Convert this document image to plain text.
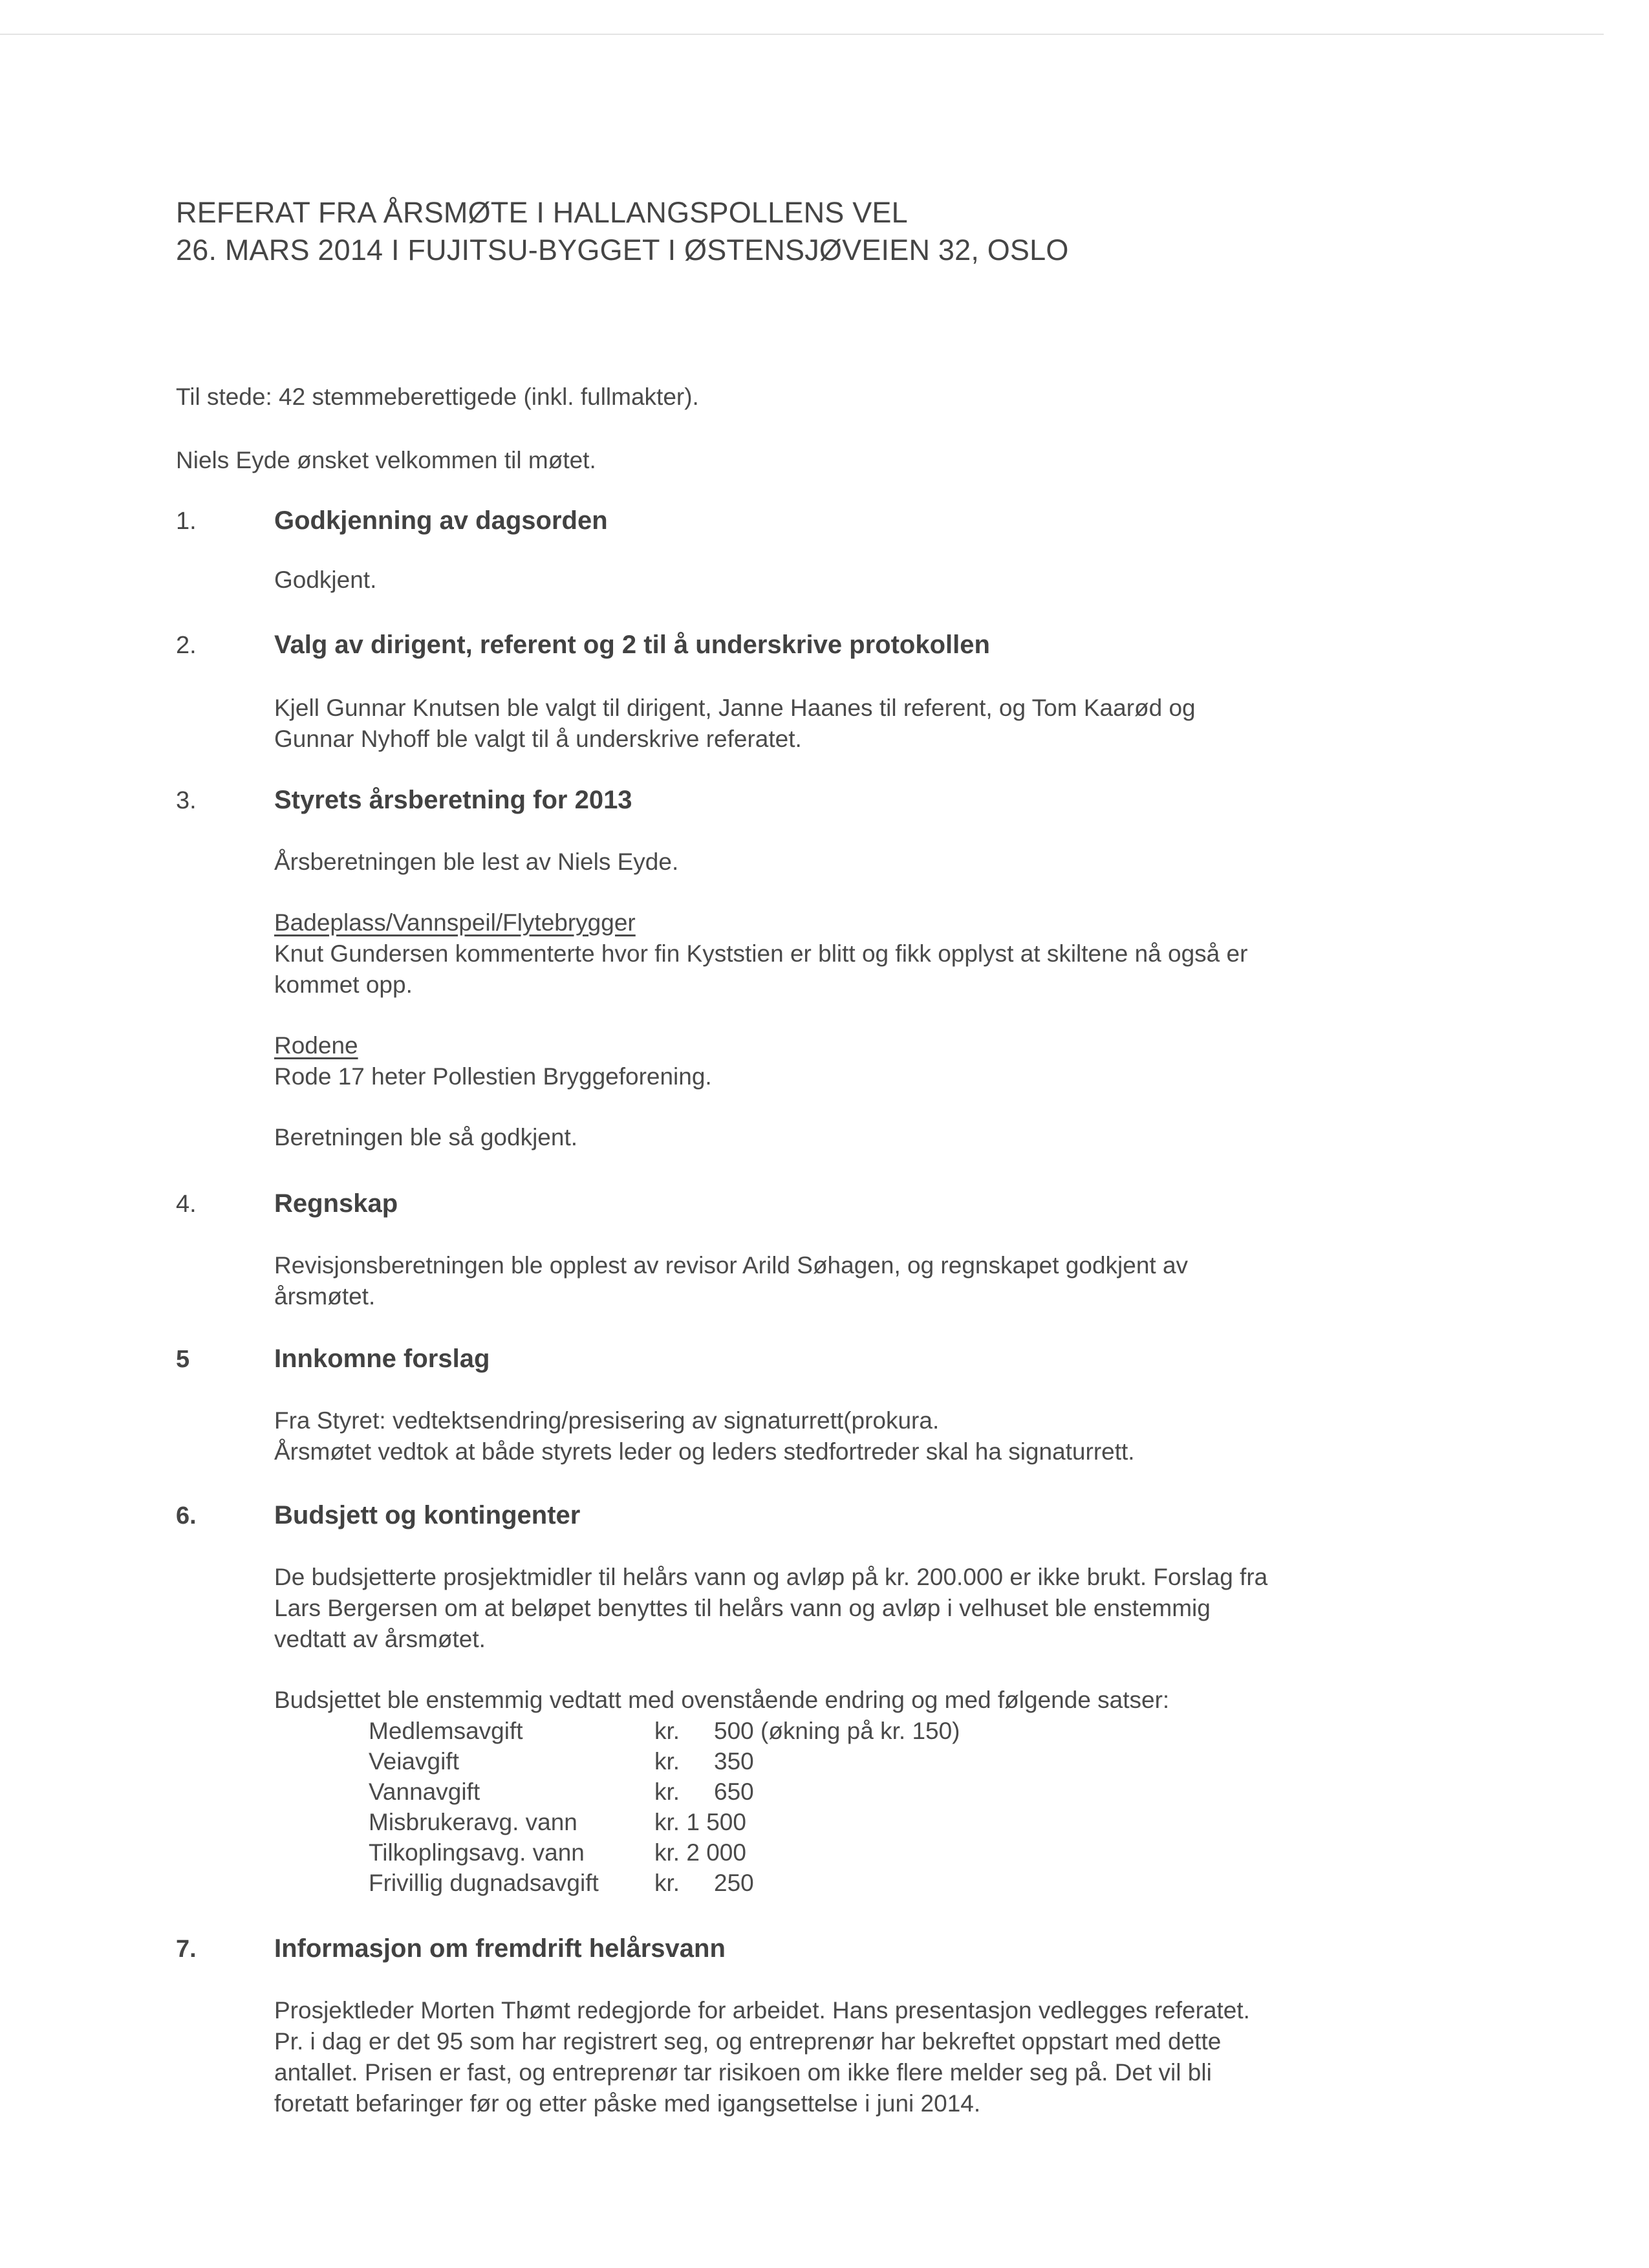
REFERAT FRA ÅRSMØTE I HALLANGSPOLLENS VEL
26. MARS 2014 I FUJITSU-BYGGET I ØSTENSJØVEIEN 32, OSLO
Til stede: 42 stemmeberettigede (inkl. fullmakter).
Niels Eyde ønsket velkommen til møtet.
1.	Godkjenning av dagsorden

Godkjent.

2.	Valg av dirigent, referent og 2 til å underskrive protokollen
Kjell Gunnar Knutsen ble valgt til dirigent, Janne Haanes til referent, og Tom Kaarød og
Gunnar Nyhoff ble valgt til å underskrive referatet.
3.	Styrets årsberetning for 2013

Årsberetningen ble lest av Niels Eyde.

Badeplass/Vannspeil/Flytebrygger
Knut Gundersen kommenterte hvor fin Kyststien er blitt og fikk opplyst at skiltene nå også er
kommet opp.
Rodene
Rode 17 heter Pollestien Bryggeforening.

Beretningen ble så godkjent.

4.	Regnskap
Revisjonsberetningen ble opplest av revisor Arild Søhagen, og regnskapet godkjent av
årsmøtet.
5	Innkomne forslag
Fra Styret: vedtektsendring/presisering av signaturrett(prokura.
Årsmøtet vedtok at både styrets leder og leders stedfortreder skal ha signaturrett.
6.	Budsjett og kontingenter
De budsjetterte prosjektmidler til helårs vann og avløp på kr. 200.000 er ikke brukt. Forslag fra
Lars Bergersen om at beløpet benyttes til helårs vann og avløp i velhuset ble enstemmig
vedtatt av årsmøtet.
Budsjettet ble enstemmig vedtatt med ovenstående endring og med følgende satser:
Medlemsavgift	kr.	500 (økning på kr. 150)
Veiavgift	kr.	350
Vannavgift	kr.	650
Misbrukeravg. vann	kr. 1 500
Tilkoplingsavg. vann	kr. 2 000
Frivillig dugnadsavgift	kr.	250
7.	Informasjon om fremdrift helårsvann
Prosjektleder Morten Thømt redegjorde for arbeidet. Hans presentasjon vedlegges referatet.
Pr. i dag er det 95 som har registrert seg, og entreprenør har bekreftet oppstart med dette
antallet. Prisen er fast, og entreprenør tar risikoen om ikke flere melder seg på. Det vil bli
foretatt befaringer før og etter påske med igangsettelse i juni 2014.
